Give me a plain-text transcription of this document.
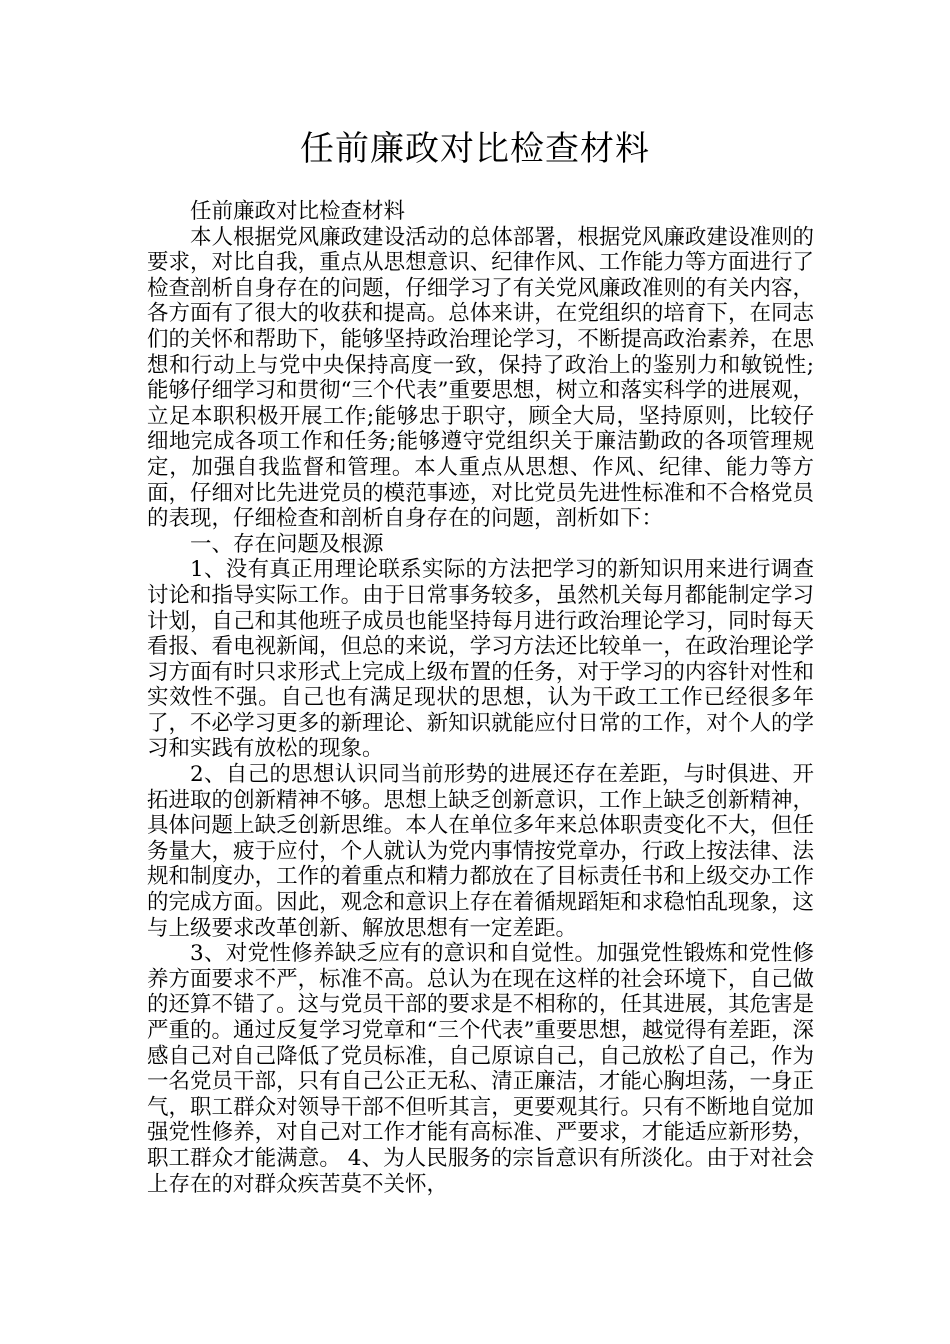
任前廉政对比检查材料

任前廉政对比检查材料

本人根据党风廉政建设活动的总体部署，根据党风廉政建设准则的要求，对比自我，重点从思想意识、纪律作风、工作能力等方面进行了检查剖析自身存在的问题，仔细学习了有关党风廉政准则的有关内容，各方面有了很大的收获和提高。总体来讲，在党组织的培育下，在同志们的关怀和帮助下，能够坚持政治理论学习，不断提高政治素养，在思想和行动上与党中央保持高度一致，保持了政治上的鉴别力和敏锐性;能够仔细学习和贯彻“三个代表”重要思想，树立和落实科学的进展观，立足本职积极开展工作;能够忠于职守，顾全大局，坚持原则，比较仔细地完成各项工作和任务;能够遵守党组织关于廉洁勤政的各项管理规定，加强自我监督和管理。本人重点从思想、作风、纪律、能力等方面，仔细对比先进党员的模范事迹，对比党员先进性标准和不合格党员的表现，仔细检查和剖析自身存在的问题，剖析如下：

一、存在问题及根源

1、没有真正用理论联系实际的方法把学习的新知识用来进行调查讨论和指导实际工作。由于日常事务较多，虽然机关每月都能制定学习计划，自己和其他班子成员也能坚持每月进行政治理论学习，同时每天看报、看电视新闻，但总的来说，学习方法还比较单一，在政治理论学习方面有时只求形式上完成上级布置的任务，对于学习的内容针对性和实效性不强。自己也有满足现状的思想，认为干政工工作已经很多年了，不必学习更多的新理论、新知识就能应付日常的工作，对个人的学习和实践有放松的现象。

2、自己的思想认识同当前形势的进展还存在差距，与时俱进、开拓进取的创新精神不够。思想上缺乏创新意识，工作上缺乏创新精神，具体问题上缺乏创新思维。本人在单位多年来总体职责变化不大，但任务量大，疲于应付，个人就认为党内事情按党章办，行政上按法律、法规和制度办，工作的着重点和精力都放在了目标责任书和上级交办工作的完成方面。因此，观念和意识上存在着循规蹈矩和求稳怕乱现象，这与上级要求改革创新、解放思想有一定差距。

3、对党性修养缺乏应有的意识和自觉性。加强党性锻炼和党性修养方面要求不严，标准不高。总认为在现在这样的社会环境下，自己做的还算不错了。这与党员干部的要求是不相称的，任其进展，其危害是严重的。通过反复学习党章和“三个代表”重要思想，越觉得有差距，深感自己对自己降低了党员标准，自己原谅自己，自己放松了自己，作为一名党员干部，只有自己公正无私、清正廉洁，才能心胸坦荡，一身正气，职工群众对领导干部不但听其言，更要观其行。只有不断地自觉加强党性修养，对自己对工作才能有高标准、严要求，才能适应新形势，职工群众才能满意。 4、为人民服务的宗旨意识有所淡化。由于对社会上存在的对群众疾苦莫不关怀，
